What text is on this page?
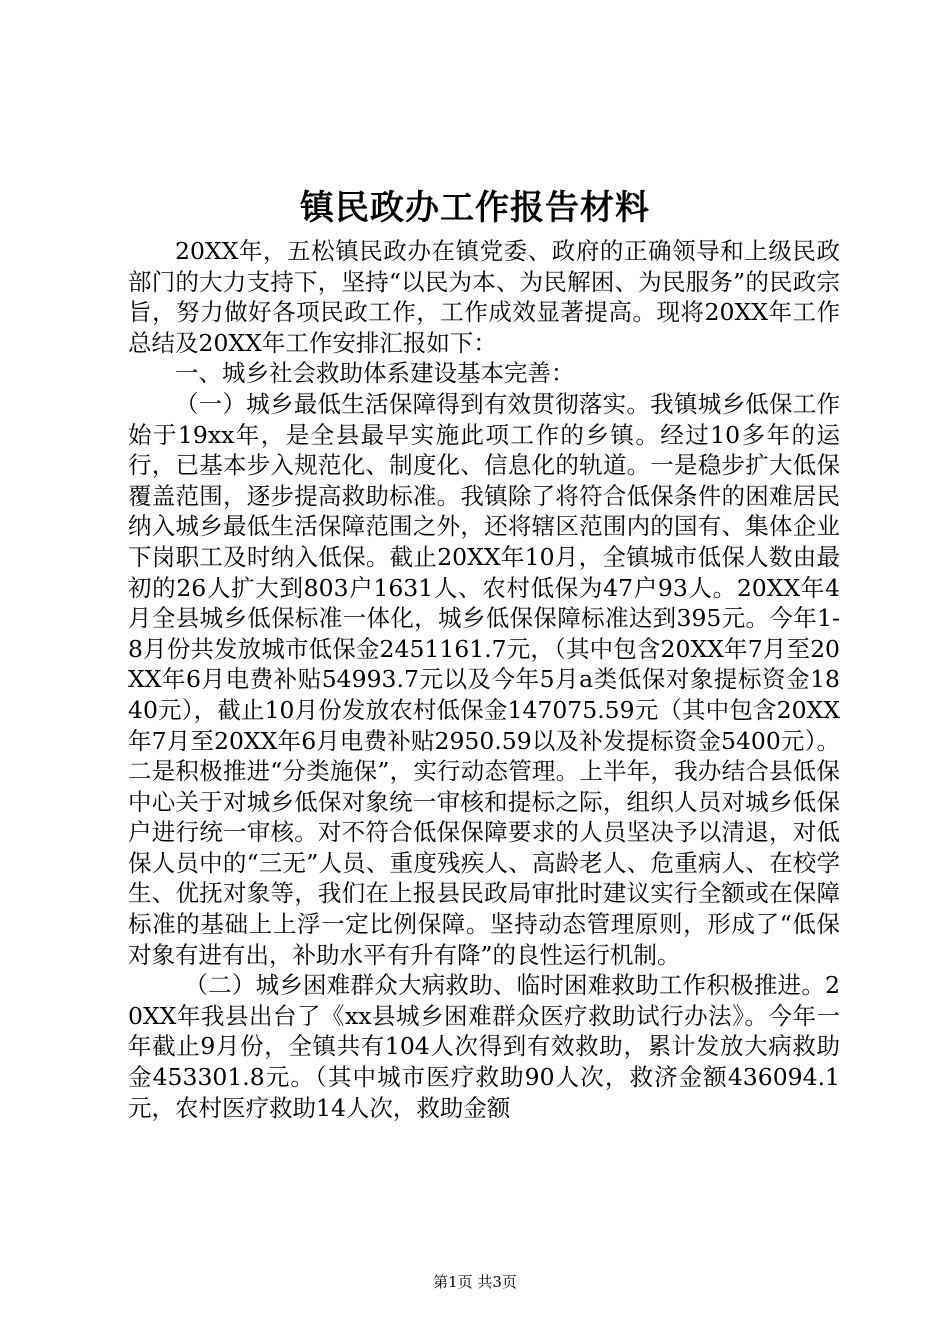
镇民政办工作报告材料

20XX年，五松镇民政办在镇党委、政府的正确领导和上级民政部门的大力支持下，坚持“以民为本、为民解困、为民服务”的民政宗旨，努力做好各项民政工作，工作成效显著提高。现将20XX年工作总结及20XX年工作安排汇报如下：

一、城乡社会救助体系建设基本完善：

（一）城乡最低生活保障得到有效贯彻落实。我镇城乡低保工作始于19xx年，是全县最早实施此项工作的乡镇。经过10多年的运行，已基本步入规范化、制度化、信息化的轨道。一是稳步扩大低保覆盖范围，逐步提高救助标准。我镇除了将符合低保条件的困难居民纳入城乡最低生活保障范围之外，还将辖区范围内的国有、集体企业下岗职工及时纳入低保。截止20XX年10月，全镇城市低保人数由最初的26人扩大到803户1631人、农村低保为47户93人。20XX年4月全县城乡低保标准一体化，城乡低保保障标准达到395元。今年1-8月份共发放城市低保金2451161.7元，（其中包含20XX年7月至20XX年6月电费补贴54993.7元以及今年5月a类低保对象提标资金1840元），截止10月份发放农村低保金147075.59元（其中包含20XX年7月至20XX年6月电费补贴2950.59以及补发提标资金5400元）。二是积极推进“分类施保”，实行动态管理。上半年，我办结合县低保中心关于对城乡低保对象统一审核和提标之际，组织人员对城乡低保户进行统一审核。对不符合低保保障要求的人员坚决予以清退，对低保人员中的“三无”人员、重度残疾人、高龄老人、危重病人、在校学生、优抚对象等，我们在上报县民政局审批时建议实行全额或在保障标准的基础上上浮一定比例保障。坚持动态管理原则，形成了“低保对象有进有出，补助水平有升有降”的良性运行机制。

（二）城乡困难群众大病救助、临时困难救助工作积极推进。20XX年我县出台了《xx县城乡困难群众医疗救助试行办法》。今年一年截止9月份，全镇共有104人次得到有效救助，累计发放大病救助金453301.8元。（其中城市医疗救助90人次，救济金额436094.1元，农村医疗救助14人次，救助金额

第1页 共3页
